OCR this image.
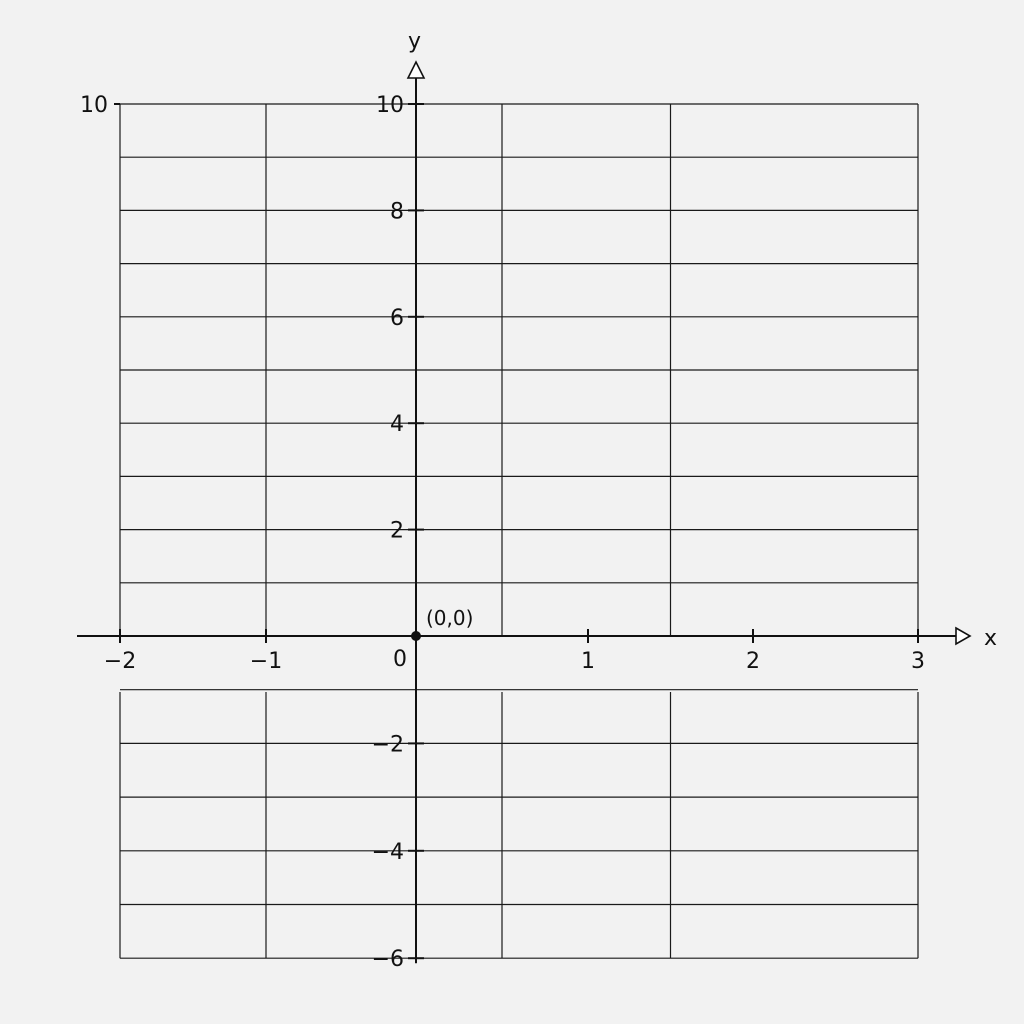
x
y
0
10
−2	−1	1	2	3
10
8
6
4
2
−2
−4
−6
(0,0)
